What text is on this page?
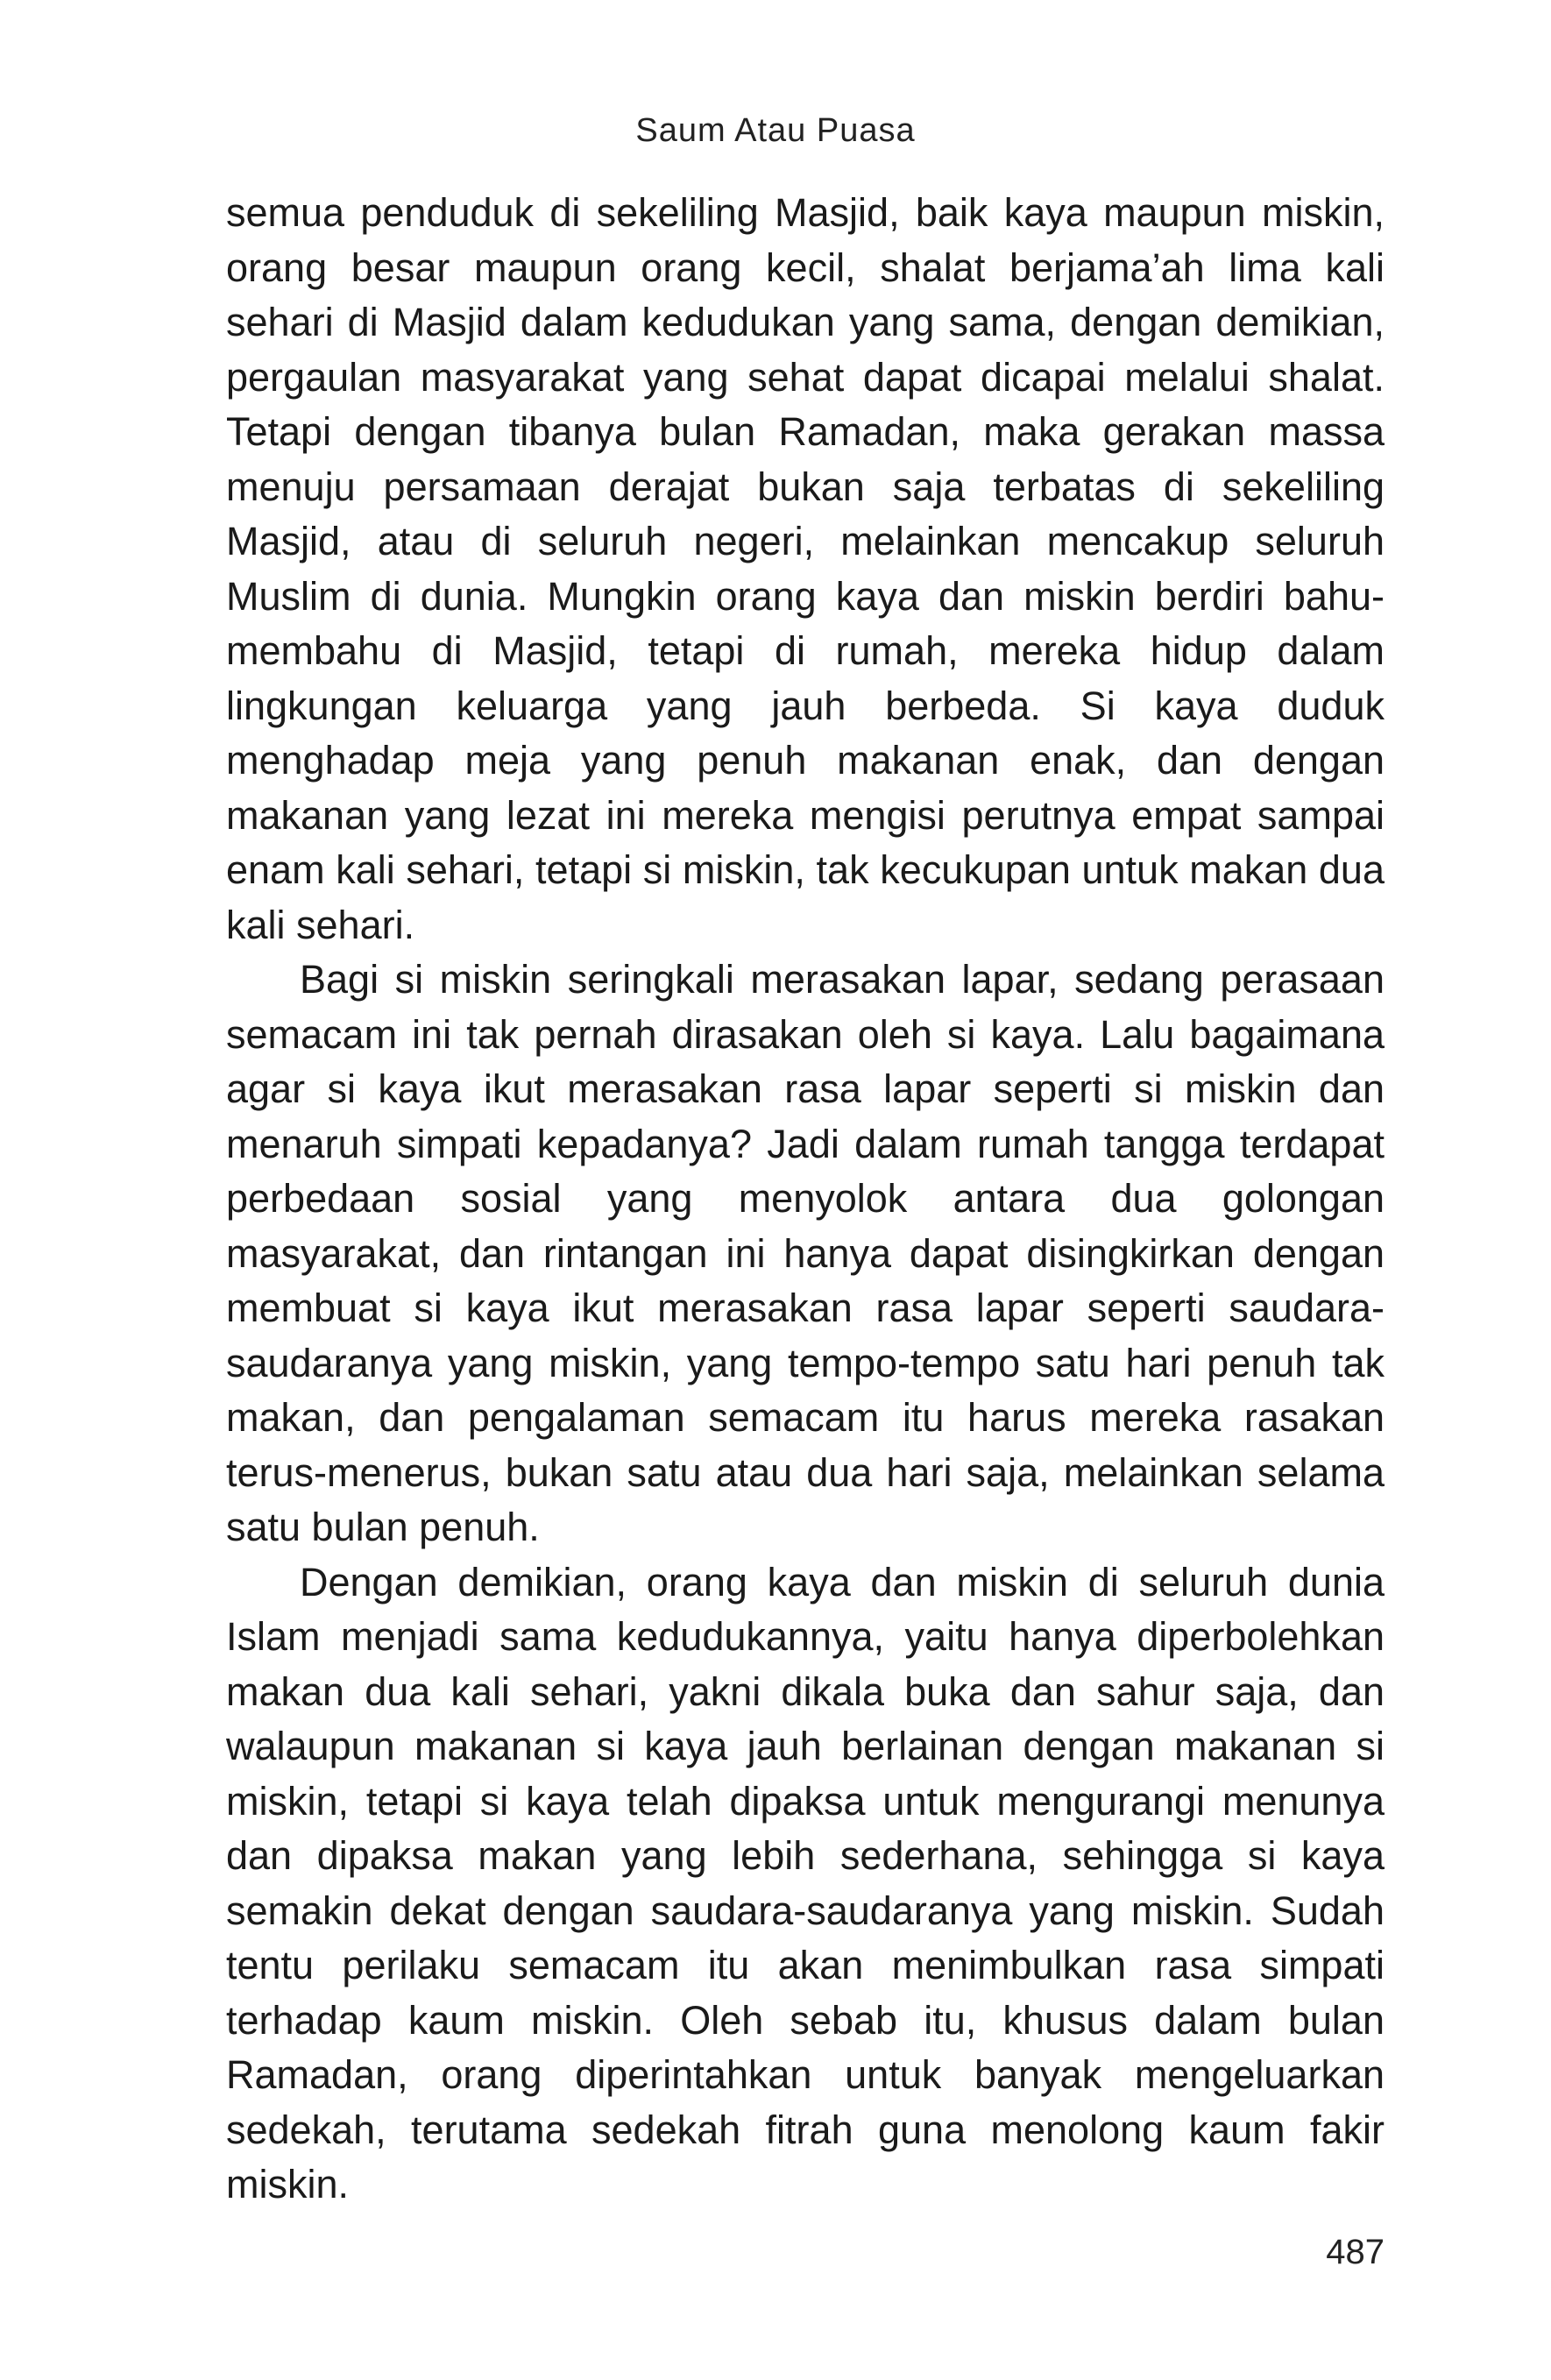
Saum Atau Puasa

semua penduduk di sekeliling Masjid, baik kaya maupun miskin, orang besar maupun orang kecil, shalat berjama’ah lima kali sehari di Masjid dalam kedudukan yang sama, dengan demikian, pergaulan masyarakat yang sehat dapat dicapai melalui shalat. Tetapi dengan tibanya bulan Ramadan, maka gerakan massa menuju persamaan derajat bukan saja terbatas di sekeliling Masjid, atau di seluruh negeri, melainkan mencakup seluruh Muslim di dunia. Mungkin orang kaya dan miskin berdiri bahu-membahu di Masjid, tetapi di rumah, mereka hidup dalam lingkungan keluarga yang jauh berbeda. Si kaya duduk menghadap meja yang penuh makanan enak, dan dengan makanan yang lezat ini mereka mengisi perutnya empat sampai enam kali sehari, tetapi si miskin, tak kecukupan untuk makan dua kali sehari.

Bagi si miskin seringkali merasakan lapar, sedang perasaan semacam ini tak pernah dirasakan oleh si kaya. Lalu bagaimana agar si kaya ikut merasakan rasa lapar seperti si miskin dan menaruh simpati kepadanya? Jadi dalam rumah tangga terdapat perbedaan sosial yang menyolok antara dua golongan masyarakat, dan rintangan ini hanya dapat disingkirkan dengan membuat si kaya ikut merasakan rasa lapar seperti saudara-saudaranya yang miskin, yang tempo-tempo satu hari penuh tak makan, dan pengalaman semacam itu harus mereka rasakan terus-menerus, bukan satu atau dua hari saja, melainkan selama satu bulan penuh.

Dengan demikian, orang kaya dan miskin di seluruh dunia Islam menjadi sama kedudukannya, yaitu hanya diperbolehkan makan dua kali sehari, yakni dikala buka dan sahur saja, dan walaupun makanan si kaya jauh berlainan dengan makanan si miskin, tetapi si kaya telah dipaksa untuk mengurangi menunya dan dipaksa makan yang lebih sederhana, sehingga si kaya semakin dekat dengan saudara-saudaranya yang miskin. Sudah tentu perilaku semacam itu akan menimbulkan rasa simpati terhadap kaum miskin. Oleh sebab itu, khusus dalam bulan Ramadan, orang diperintahkan untuk banyak mengeluarkan sedekah, terutama sedekah fitrah guna menolong kaum fakir miskin.

487
